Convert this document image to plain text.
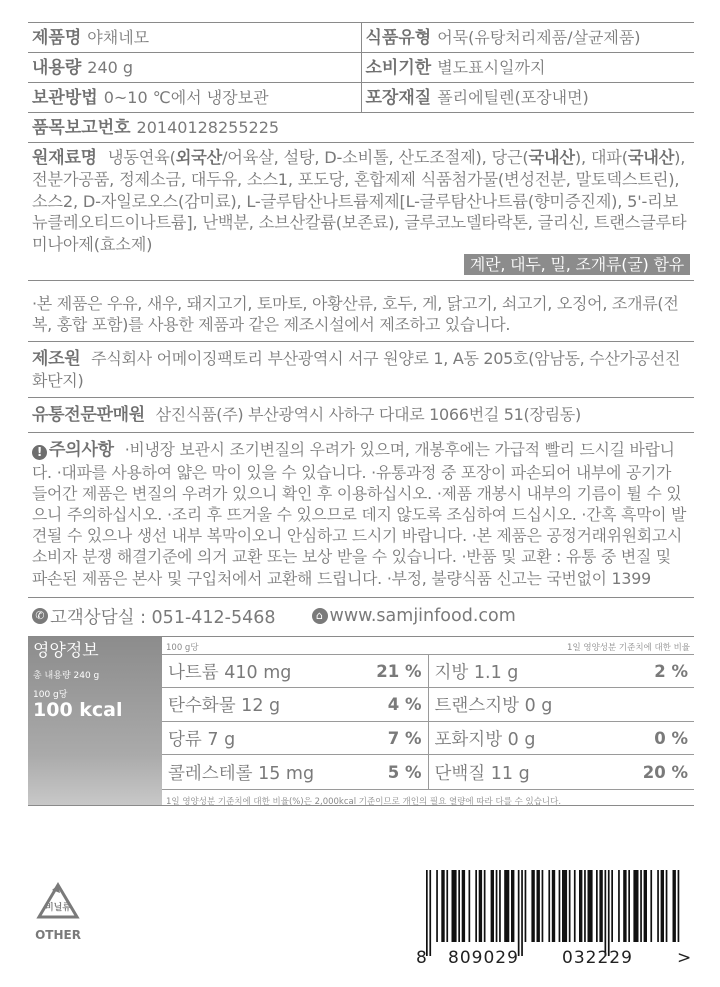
제품명 야채네모	식품유형 어묵(유탕처리제품/살균제품)
내용량 240 g	소비기한 별도표시일까지
보관방법 0~10 ℃에서 냉장보관	포장재질 폴리에틸렌(포장내면)
품목보고번호 20140128255225
원재료명 냉동연육(외국산/어육살, 설탕, D-소비톨, 산도조절제), 당근(국내산), 대파(국내산), 전분가공품, 정제소금, 대두유, 소스1, 포도당, 혼합제제 식품첨가물(변성전분, 말토덱스트린), 소스2, D-자일로오스(감미료), L-글루탐산나트륨제제[L-글루탐산나트륨(향미증진제), 5'-리보뉴클레오티드이나트륨], 난백분, 소브산칼륨(보존료), 글루코노델타락톤, 글리신, 트랜스글루타미나아제(효소제)
계란, 대두, 밀, 조개류(굴) 함유
·본 제품은 우유, 새우, 돼지고기, 토마토, 아황산류, 호두, 게, 닭고기, 쇠고기, 오징어, 조개류(전복, 홍합 포함)를 사용한 제품과 같은 제조시설에서 제조하고 있습니다.
제조원 주식회사 어메이징팩토리 부산광역시 서구 원양로 1, A동 205호(암남동, 수산가공선진화단지)
유통전문판매원 삼진식품(주) 부산광역시 사하구 다대로 1066번길 51(장림동)
! 주의사항 ·비냉장 보관시 조기변질의 우려가 있으며, 개봉후에는 가급적 빨리 드시길 바랍니다. ·대파를 사용하여 얇은 막이 있을 수 있습니다. ·유통과정 중 포장이 파손되어 내부에 공기가 들어간 제품은 변질의 우려가 있으니 확인 후 이용하십시오. ·제품 개봉시 내부의 기름이 튈 수 있으니 주의하십시오. ·조리 후 뜨거울 수 있으므로 데지 않도록 조심하여 드십시오. ·간혹 흑막이 발견될 수 있으나 생선 내부 복막이오니 안심하고 드시기 바랍니다. ·본 제품은 공정거래위원회고시 소비자 분쟁 해결기준에 의거 교환 또는 보상 받을 수 있습니다. ·반품 및 교환 : 유통 중 변질 및 파손된 제품은 본사 및 구입처에서 교환해 드립니다. ·부정, 불량식품 신고는 국번없이 1399
✆ 고객상담실 : 051-412-5468	⌂ www.samjinfood.com
영양정보
총 내용량 240 g
100 g당
100 kcal
100 g당	1일 영양성분 기준치에 대한 비율
나트륨 410 mg	21 % 지방 1.1 g	2 %
탄수화물 12 g	4 % 트랜스지방 0 g
당류 7 g	7 % 포화지방 0 g	0 %
콜레스테롤 15 mg	5 % 단백질 11 g	20 %
1일 영양성분 기준치에 대한 비율(%)은 2,000kcal 기준이므로 개인의 필요 열량에 따라 다를 수 있습니다.
비닐류
OTHER
8 809029	032229	>
